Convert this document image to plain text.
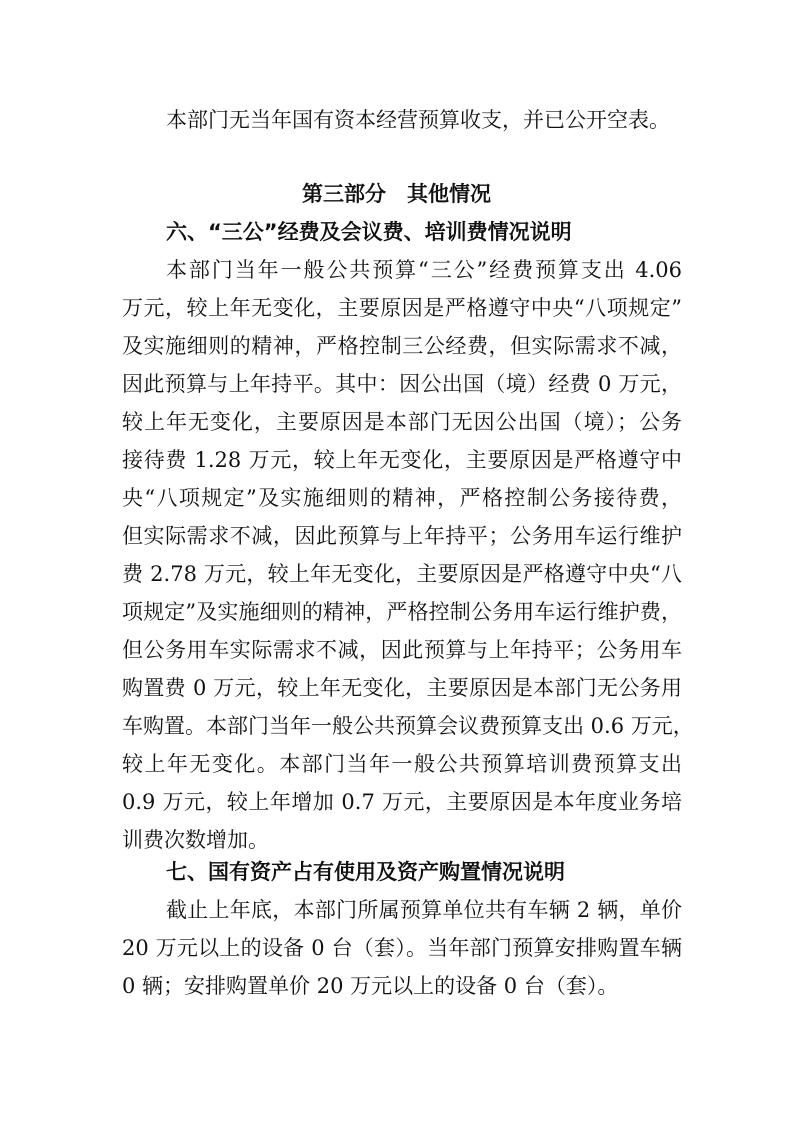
本部门无当年国有资本经营预算收支，并已公开空表。
第三部分　其他情况
六、“三公”经费及会议费、培训费情况说明
本部门当年一般公共预算“三公”经费预算支出 4.06
万元，较上年无变化，主要原因是严格遵守中央“八项规定”
及实施细则的精神，严格控制三公经费，但实际需求不减，
因此预算与上年持平。其中：因公出国（境）经费 0 万元，
较上年无变化，主要原因是本部门无因公出国（境）；公务
接待费 1.28 万元，较上年无变化，主要原因是严格遵守中
央“八项规定”及实施细则的精神，严格控制公务接待费，
但实际需求不减，因此预算与上年持平；公务用车运行维护
费 2.78 万元，较上年无变化，主要原因是严格遵守中央“八
项规定”及实施细则的精神，严格控制公务用车运行维护费，
但公务用车实际需求不减，因此预算与上年持平；公务用车
购置费 0 万元，较上年无变化，主要原因是本部门无公务用
车购置。本部门当年一般公共预算会议费预算支出 0.6 万元，
较上年无变化。本部门当年一般公共预算培训费预算支出
0.9 万元，较上年增加 0.7 万元，主要原因是本年度业务培
训费次数增加。
七、国有资产占有使用及资产购置情况说明
截止上年底，本部门所属预算单位共有车辆 2 辆，单价
20 万元以上的设备 0 台（套）。当年部门预算安排购置车辆
0 辆；安排购置单价 20 万元以上的设备 0 台（套）。
